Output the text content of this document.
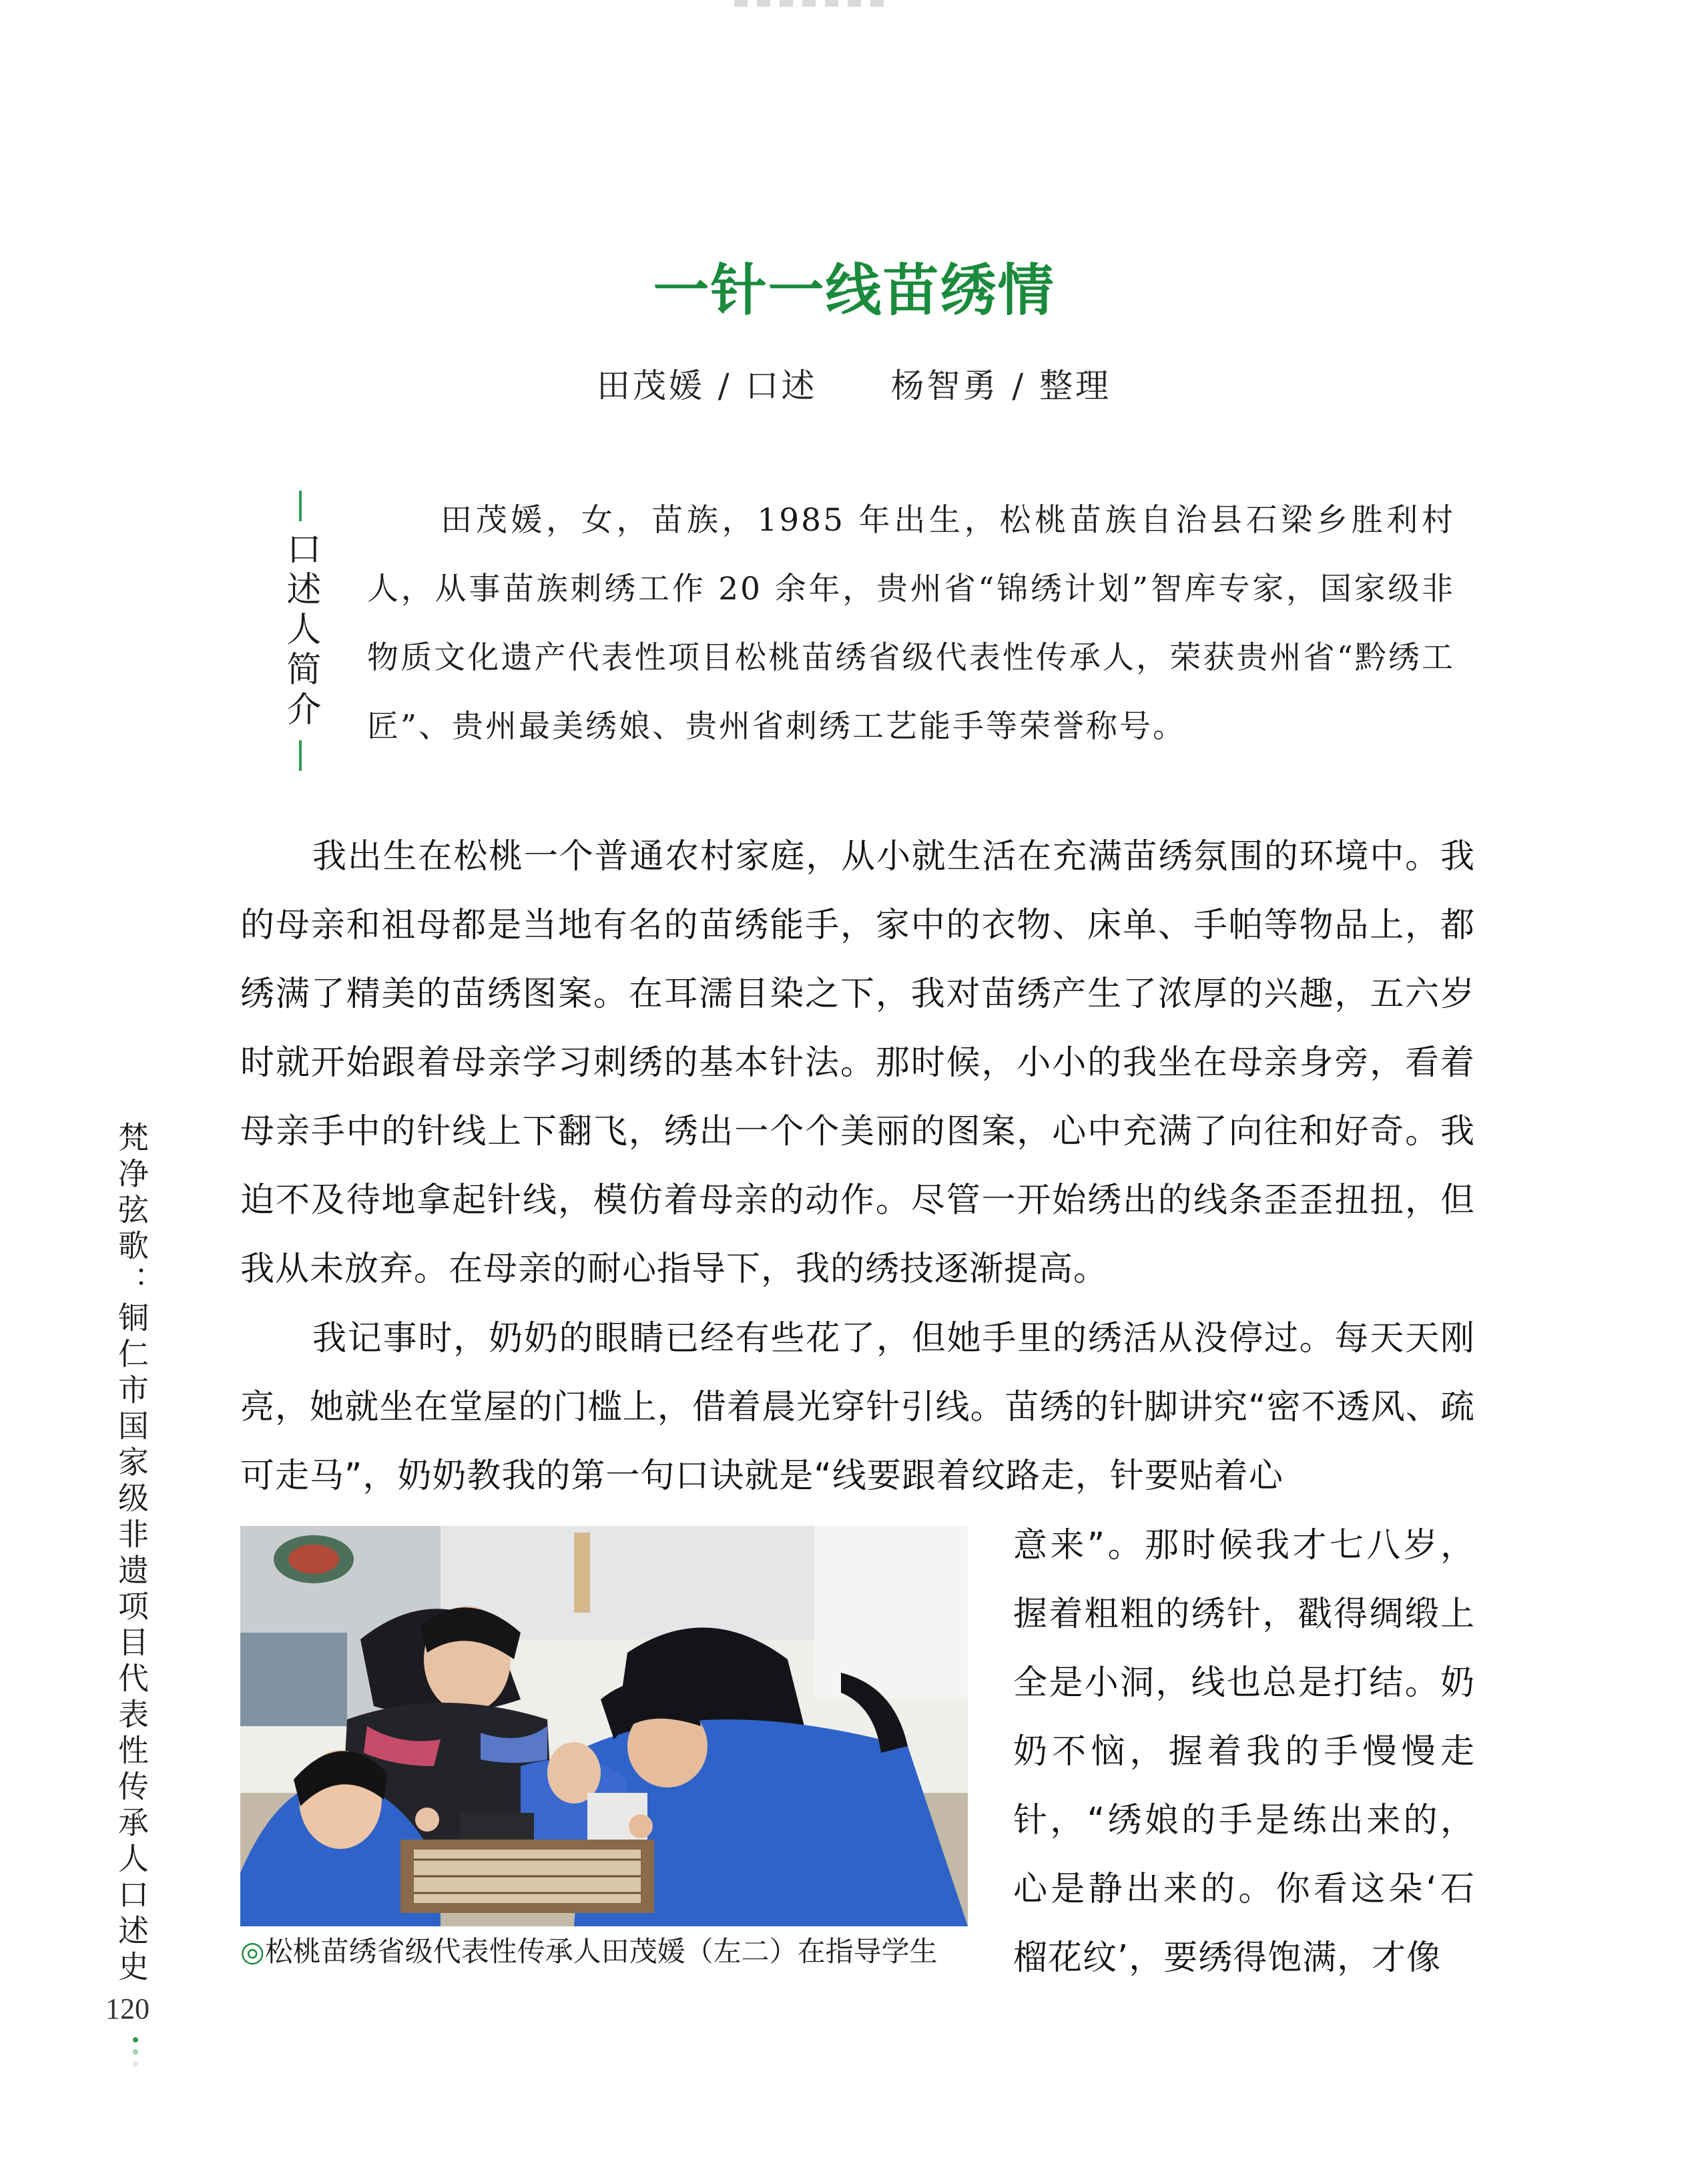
一针一线苗绣情
田茂媛 / 口述 杨智勇 / 整理
口述人简介
田茂媛，女，苗族，1985 年出生，松桃苗族自治县石梁乡胜利村人，从事苗族刺绣工作 20 余年，贵州省“锦绣计划”智库专家，国家级非物质文化遗产代表性项目松桃苗绣省级代表性传承人，荣获贵州省“黔绣工匠”、贵州最美绣娘、贵州省刺绣工艺能手等荣誉称号。

我出生在松桃一个普通农村家庭，从小就生活在充满苗绣氛围的环境中。我的母亲和祖母都是当地有名的苗绣能手，家中的衣物、床单、手帕等物品上，都绣满了精美的苗绣图案。在耳濡目染之下，我对苗绣产生了浓厚的兴趣，五六岁时就开始跟着母亲学习刺绣的基本针法。那时候，小小的我坐在母亲身旁，看着母亲手中的针线上下翻飞，绣出一个个美丽的图案，心中充满了向往和好奇。我迫不及待地拿起针线，模仿着母亲的动作。尽管一开始绣出的线条歪歪扭扭，但我从未放弃。在母亲的耐心指导下，我的绣技逐渐提高。

我记事时，奶奶的眼睛已经有些花了，但她手里的绣活从没停过。每天天刚亮，她就坐在堂屋的门槛上，借着晨光穿针引线。苗绣的针脚讲究“密不透风、疏可走马”，奶奶教我的第一句口诀就是“线要跟着纹路走，针要贴着心

意来”。那时候我才七八岁，握着粗粗的绣针，戳得绸缎上全是小洞，线也总是打结。奶奶不恼，握着我的手慢慢走针，“绣娘的手是练出来的，心是静出来的。你看这朵‘石榴花纹’，要绣得饱满，才像

◎松桃苗绣省级代表性传承人田茂媛（左二）在指导学生
梵净弦歌：铜仁市国家级非遗项目代表性传承人口述史
120
